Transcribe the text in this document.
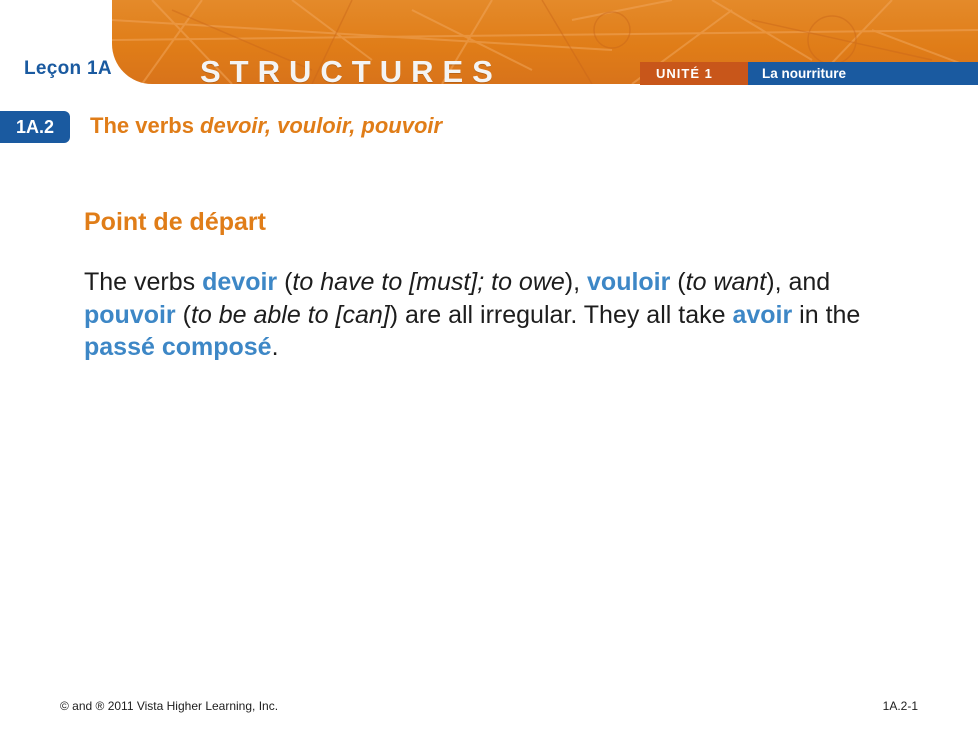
Leçon 1A	STRUCTURES	UNITÉ 1	La nourriture
1A.2	The verbs devoir, vouloir, pouvoir
Point de départ
The verbs devoir (to have to [must]; to owe), vouloir (to want), and pouvoir (to be able to [can]) are all irregular. They all take avoir in the passé composé.
© and ® 2011 Vista Higher Learning, Inc.	1A.2-1
